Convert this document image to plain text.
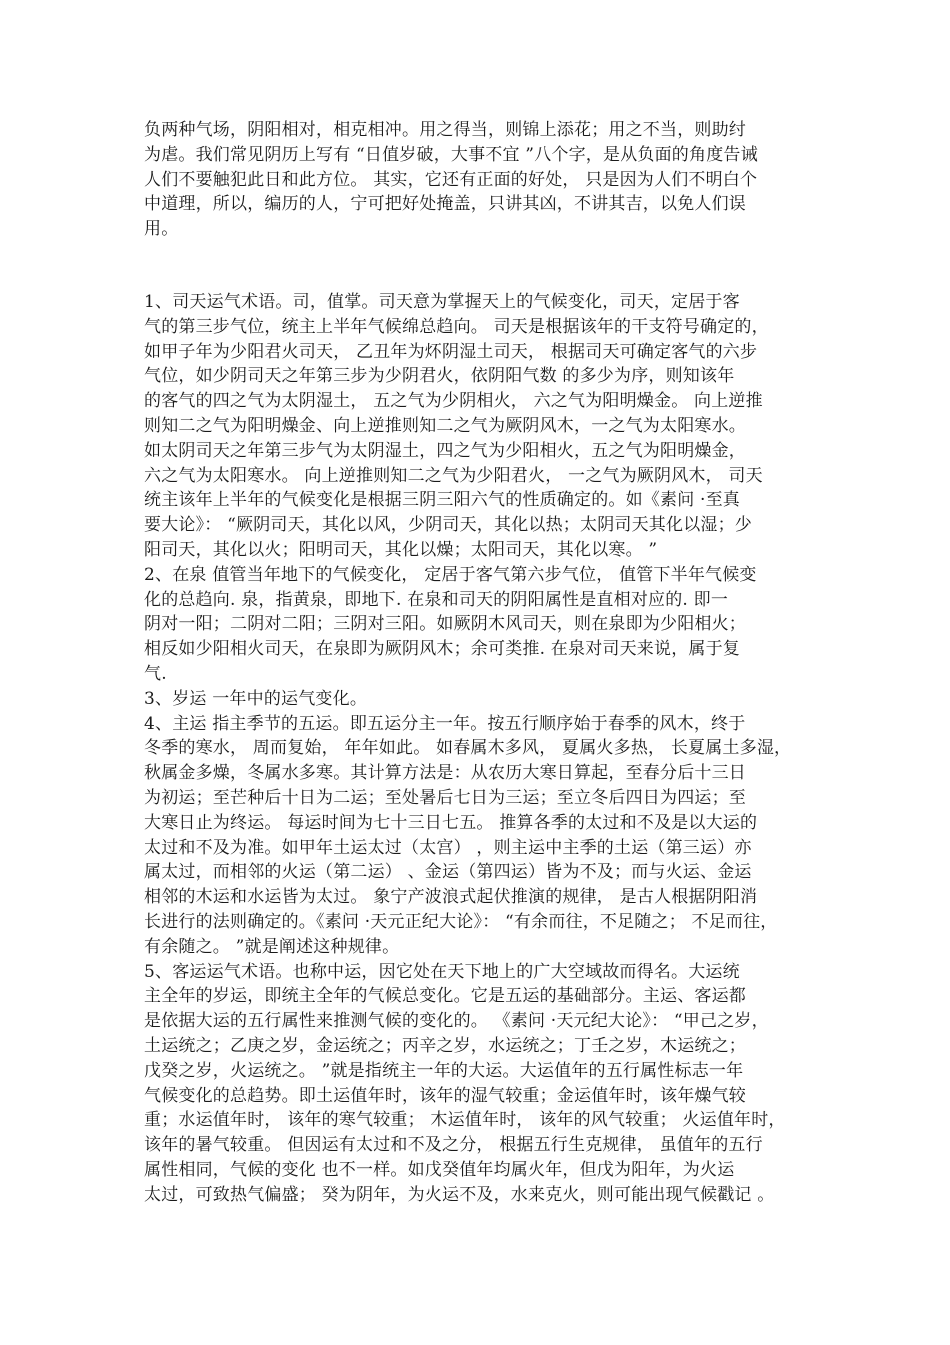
负两种气场，阴阳相对，相克相冲。用之得当，则锦上添花；用之不当，则助纣
为虐。我们常见阴历上写有 “日值岁破，大事不宜 ”八个字，是从负面的角度告诫
人们不要触犯此日和此方位。 其实，它还有正面的好处， 只是因为人们不明白个
中道理，所以，编历的人，宁可把好处掩盖，只讲其凶，不讲其吉，以免人们误
用。
1、司天运气术语。司，值掌。司天意为掌握天上的气候变化，司天，定居于客
气的第三步气位，统主上半年气候绵总趋向。 司天是根据该年的干支符号确定的，
如甲子年为少阳君火司天， 乙丑年为炋阴湿土司天， 根据司天可确定客气的六步
气位，如少阴司天之年第三步为少阴君火，依阴阳气数 的多少为序，则知该年
的客气的四之气为太阴湿土， 五之气为少阴相火， 六之气为阳明燥金。 向上逆推
则知二之气为阳明燥金、向上逆推则知二之气为厥阴风木，一之气为太阳寒水。
如太阴司天之年第三步气为太阴湿土，四之气为少阳相火，五之气为阳明燥金，
六之气为太阳寒水。 向上逆推则知二之气为少阳君火， 一之气为厥阴风木， 司天
统主该年上半年的气候变化是根据三阴三阳六气的性质确定的。如《素问 ·至真
要大论》： “厥阴司天，其化以风，少阴司天，其化以热；太阴司天其化以湿；少
阳司天，其化以火；阳明司天，其化以燥；太阳司天，其化以寒。 ”
2、在泉 值管当年地下的气候变化， 定居于客气第六步气位， 值管下半年气候变
化的总趋向. 泉，指黄泉，即地下. 在泉和司天的阴阳属性是直相对应的. 即一
阴对一阳；二阴对二阳；三阴对三阳。如厥阴木风司天，则在泉即为少阳相火；
相反如少阳相火司天，在泉即为厥阴风木；余可类推. 在泉对司天来说，属于复
气.
3、岁运 一年中的运气变化。
4、主运 指主季节的五运。即五运分主一年。按五行顺序始于春季的风木，终于
冬季的寒水， 周而复始， 年年如此。 如春属木多风， 夏属火多热， 长夏属土多湿，
秋属金多燥，冬属水多寒。其计算方法是：从农历大寒日算起，至春分后十三日
为初运；至芒种后十日为二运；至处暑后七日为三运；至立冬后四日为四运；至
大寒日止为终运。 每运时间为七十三日七五。 推算各季的太过和不及是以大运的
太过和不及为准。如甲年土运太过（太宫） ，则主运中主季的土运（第三运）亦
属太过，而相邻的火运（第二运） 、金运（第四运）皆为不及；而与火运、金运
相邻的木运和水运皆为太过。 象宁产波浪式起伏推演的规律， 是古人根据阴阳消
长进行的法则确定的。《素问 ·天元正纪大论》： “有余而往，不足随之； 不足而往，
有余随之。 ”就是阐述这种规律。
5、客运运气术语。也称中运，因它处在天下地上的广大空域故而得名。大运统
主全年的岁运，即统主全年的气候总变化。它是五运的基础部分。主运、客运都
是依据大运的五行属性来推测气候的变化的。 《素问 ·天元纪大论》： “甲己之岁，
土运统之；乙庚之岁，金运统之；丙辛之岁，水运统之；丁壬之岁，木运统之；
戊癸之岁，火运统之。 ”就是指统主一年的大运。大运值年的五行属性标志一年
气候变化的总趋势。即土运值年时，该年的湿气较重；金运值年时，该年燥气较
重；水运值年时， 该年的寒气较重； 木运值年时， 该年的风气较重； 火运值年时，
该年的暑气较重。 但因运有太过和不及之分， 根据五行生克规律， 虽值年的五行
属性相同，气候的变化 也不一样。如戊癸值年均属火年，但戊为阳年，为火运
太过，可致热气偏盛； 癸为阴年，为火运不及，水来克火，则可能出现气候戳记 。
